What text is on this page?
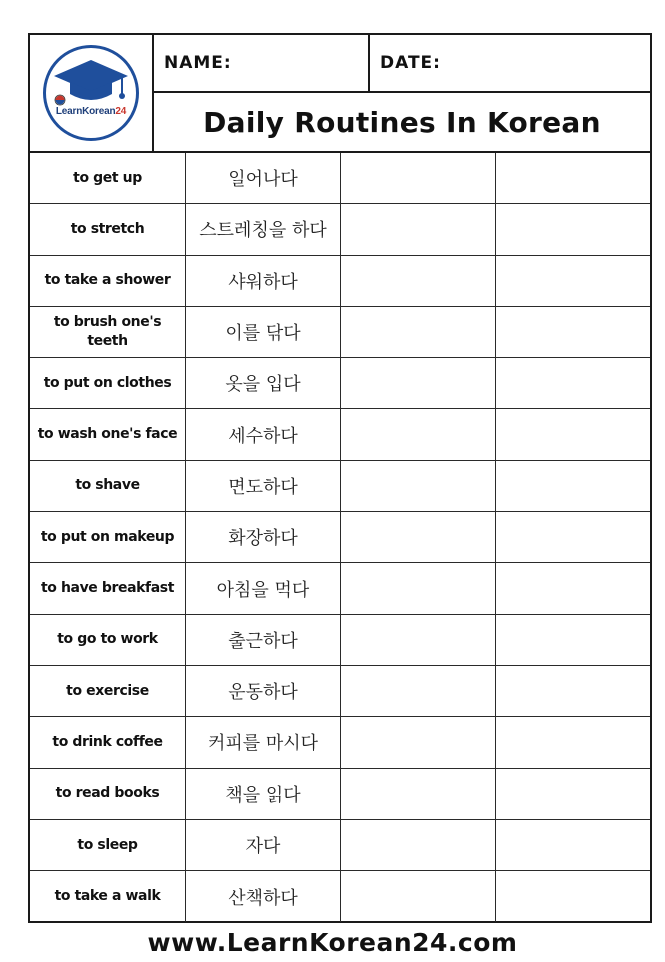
LearnKorean24
NAME:	DATE:
Daily Routines In Korean
to get up	일어나다
to stretch	스트레칭을 하다
to take a shower	샤워하다
to brush one's teeth	이를 닦다
to put on clothes	옷을 입다
to wash one's face	세수하다
to shave	면도하다
to put on makeup	화장하다
to have breakfast	아침을 먹다
to go to work	출근하다
to exercise	운동하다
to drink coffee	커피를 마시다
to read books	책을 읽다
to sleep	자다
to take a walk	산책하다
www.LearnKorean24.com
